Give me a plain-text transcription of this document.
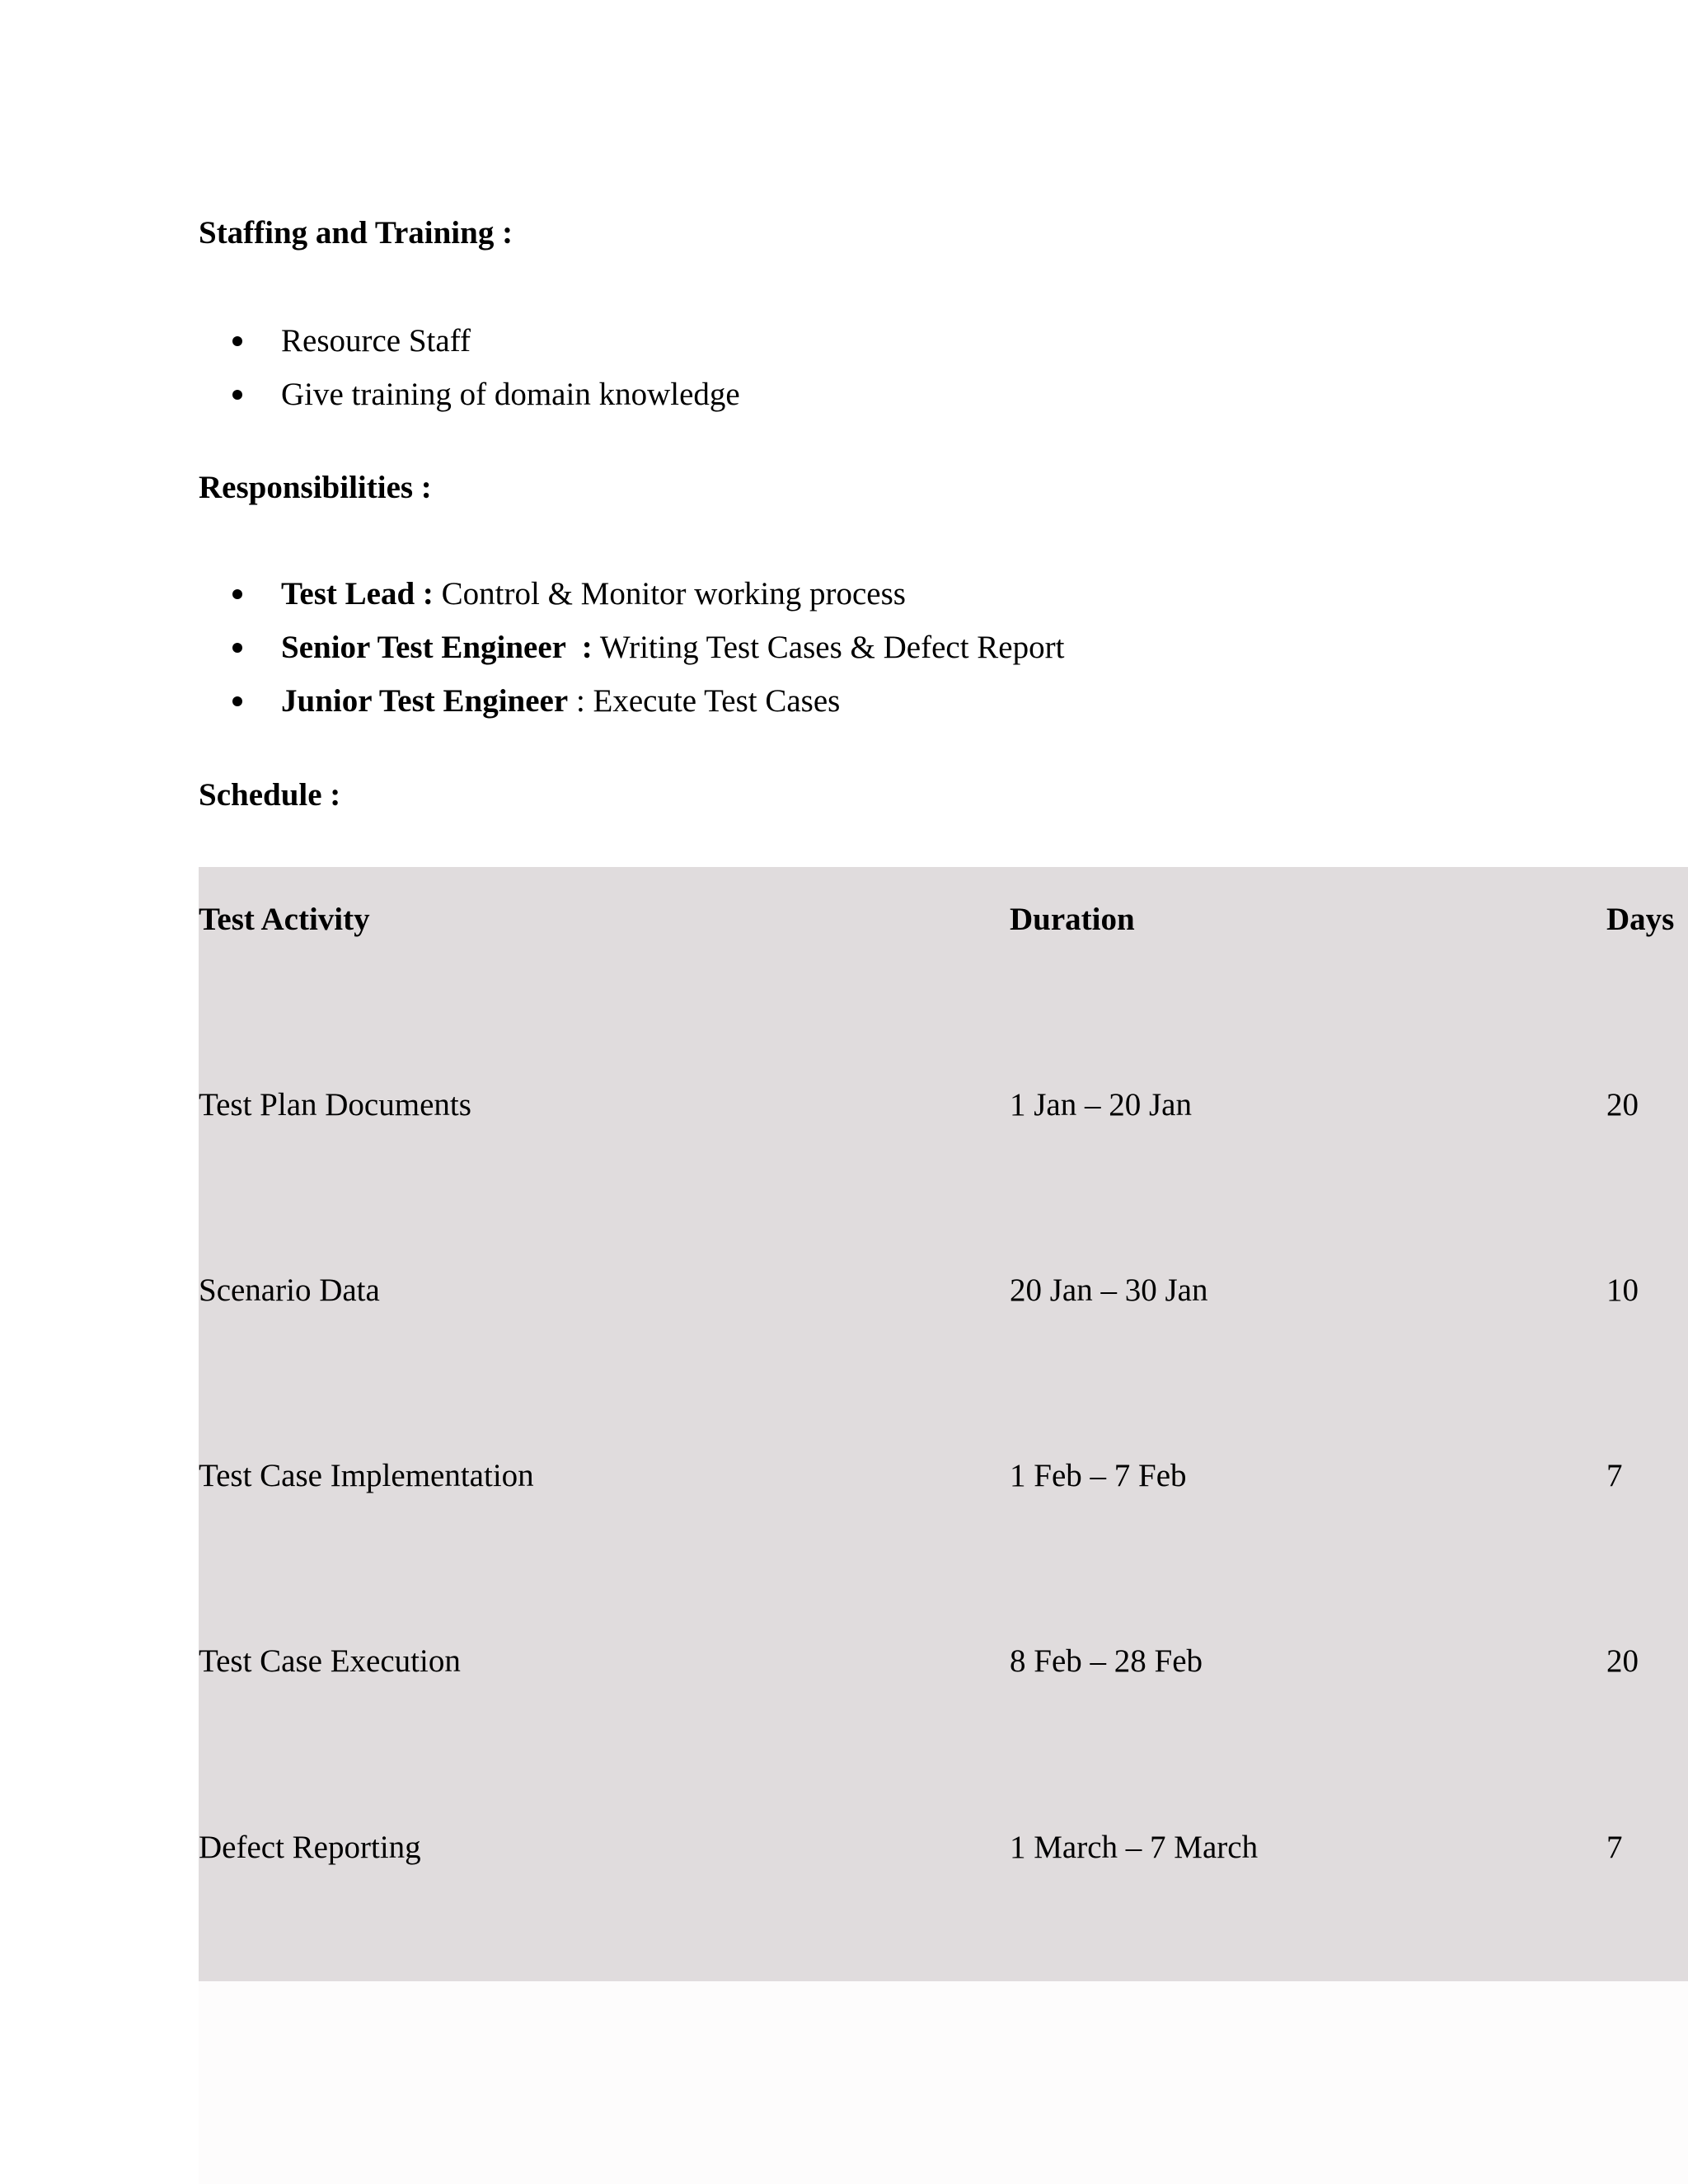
Staffing and Training :
Resource Staff
Give training of domain knowledge
Responsibilities :
Test Lead : Control & Monitor working process
Senior Test Engineer  : Writing Test Cases & Defect Report
Junior Test Engineer : Execute Test Cases
Schedule :
Test Activity	Duration	Days
Test Plan Documents	1 Jan – 20 Jan	20
Scenario Data	20 Jan – 30 Jan	10
Test Case Implementation	1 Feb – 7 Feb	7
Test Case Execution	8 Feb – 28 Feb	20
Defect Reporting	1 March – 7 March	7
